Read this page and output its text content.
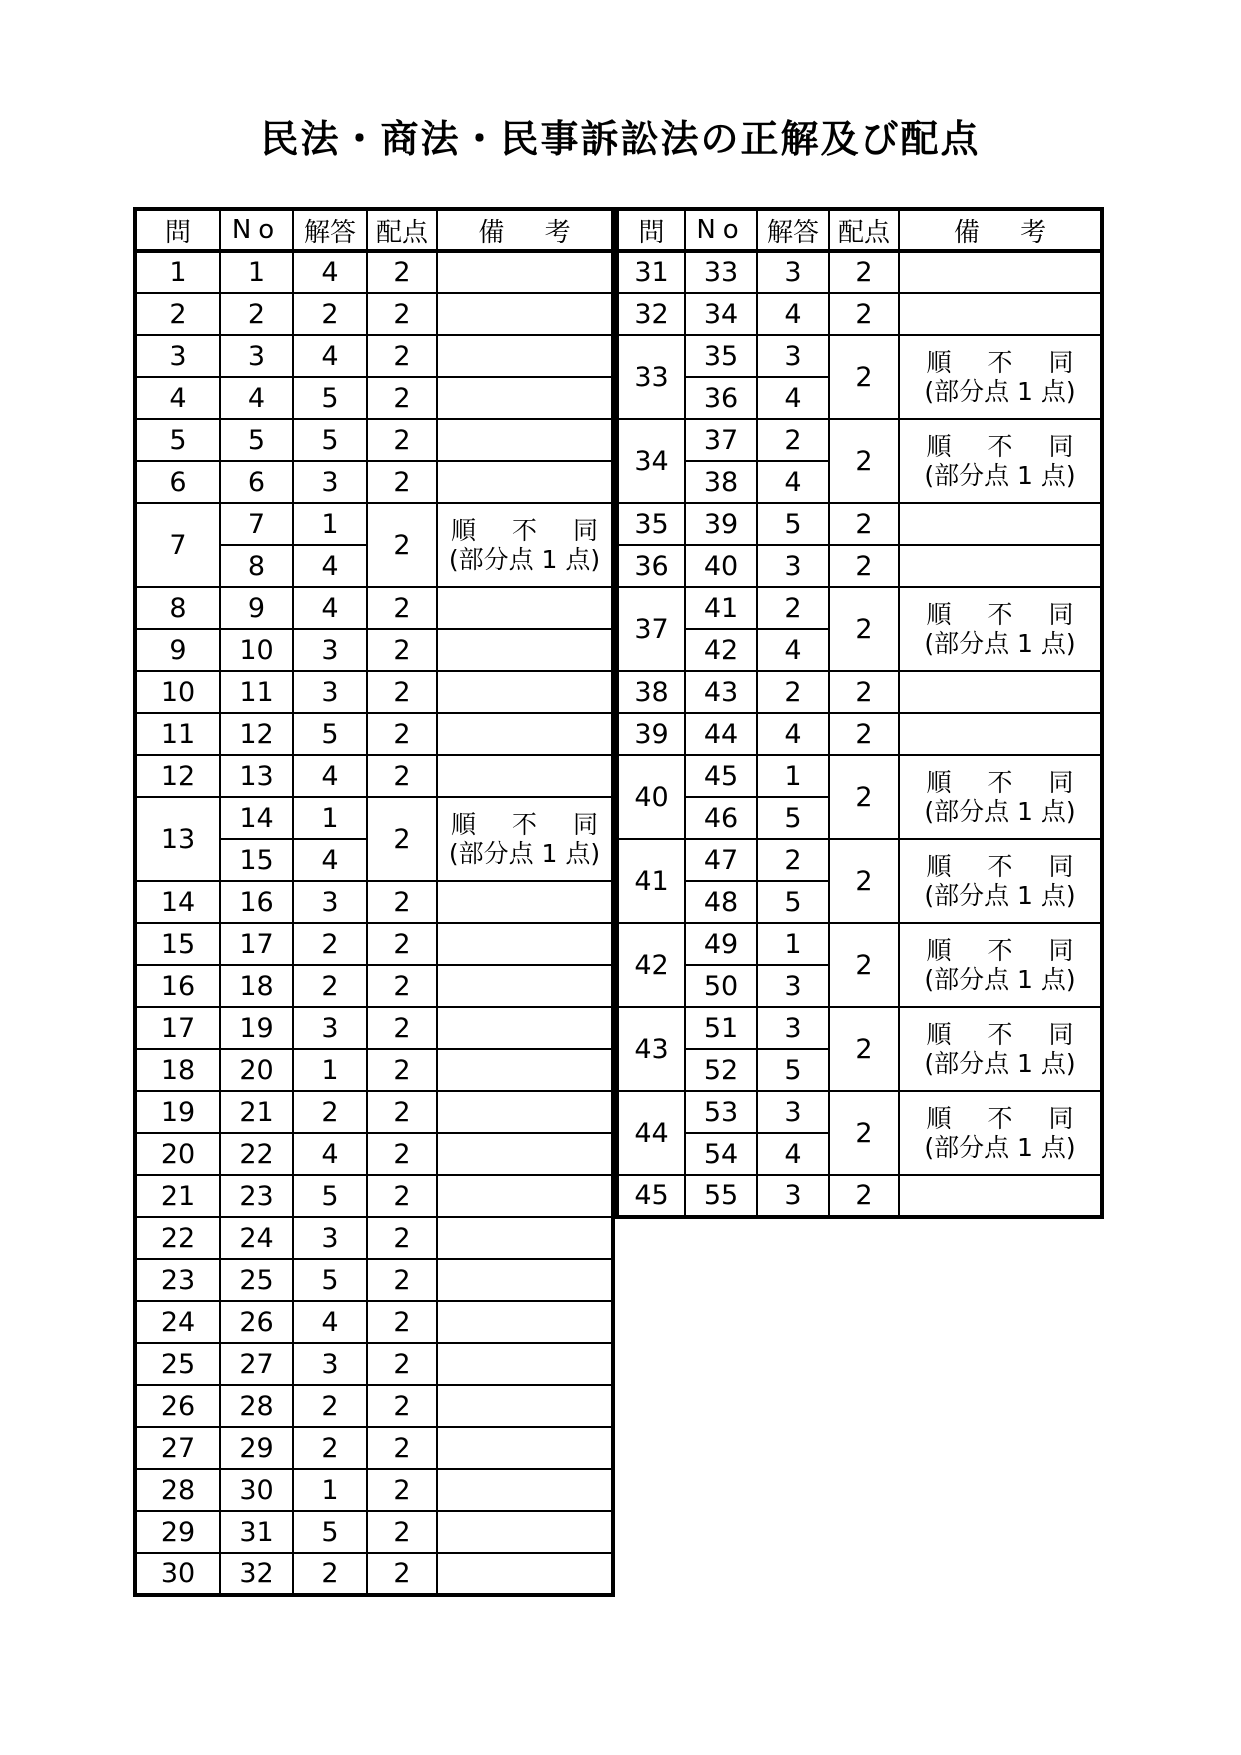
民法・商法・民事訴訟法の正解及び配点
問	No	解答	配点	備 考
1	1	4	2	
2	2	2	2	
3	3	4	2	
4	4	5	2	
5	5	5	2	
6	6	3	2	
7	7	1	2	順 不 同
(部分点 1 点)

	8	4		
8	9	4	2	
9	10	3	2	
10	11	3	2	
11	12	5	2	
12	13	4	2	
13	14	1	2	順 不 同
(部分点 1 点)

	15	4		
14	16	3	2	
15	17	2	2	
16	18	2	2	
17	19	3	2	
18	20	1	2	
19	21	2	2	
20	22	4	2	
21	23	5	2	
22	24	3	2	
23	25	5	2	
24	26	4	2	
25	27	3	2	
26	28	2	2	
27	29	2	2	
28	30	1	2	
29	31	5	2	
30	32	2	2	
問	No	解答	配点	備 考
31	33	3	2	
32	34	4	2	
33	35	3	2	順 不 同
(部分点 1 点)

	36	4		
34	37	2	2	順 不 同
(部分点 1 点)

	38	4		
35	39	5	2	
36	40	3	2	
37	41	2	2	順 不 同
(部分点 1 点)

	42	4		
38	43	2	2	
39	44	4	2	
40	45	1	2	順 不 同
(部分点 1 点)

	46	5		
41	47	2	2	順 不 同
(部分点 1 点)

	48	5		
42	49	1	2	順 不 同
(部分点 1 点)

	50	3		
43	51	3	2	順 不 同
(部分点 1 点)

	52	5		
44	53	3	2	順 不 同
(部分点 1 点)

	54	4		
45	55	3	2	
